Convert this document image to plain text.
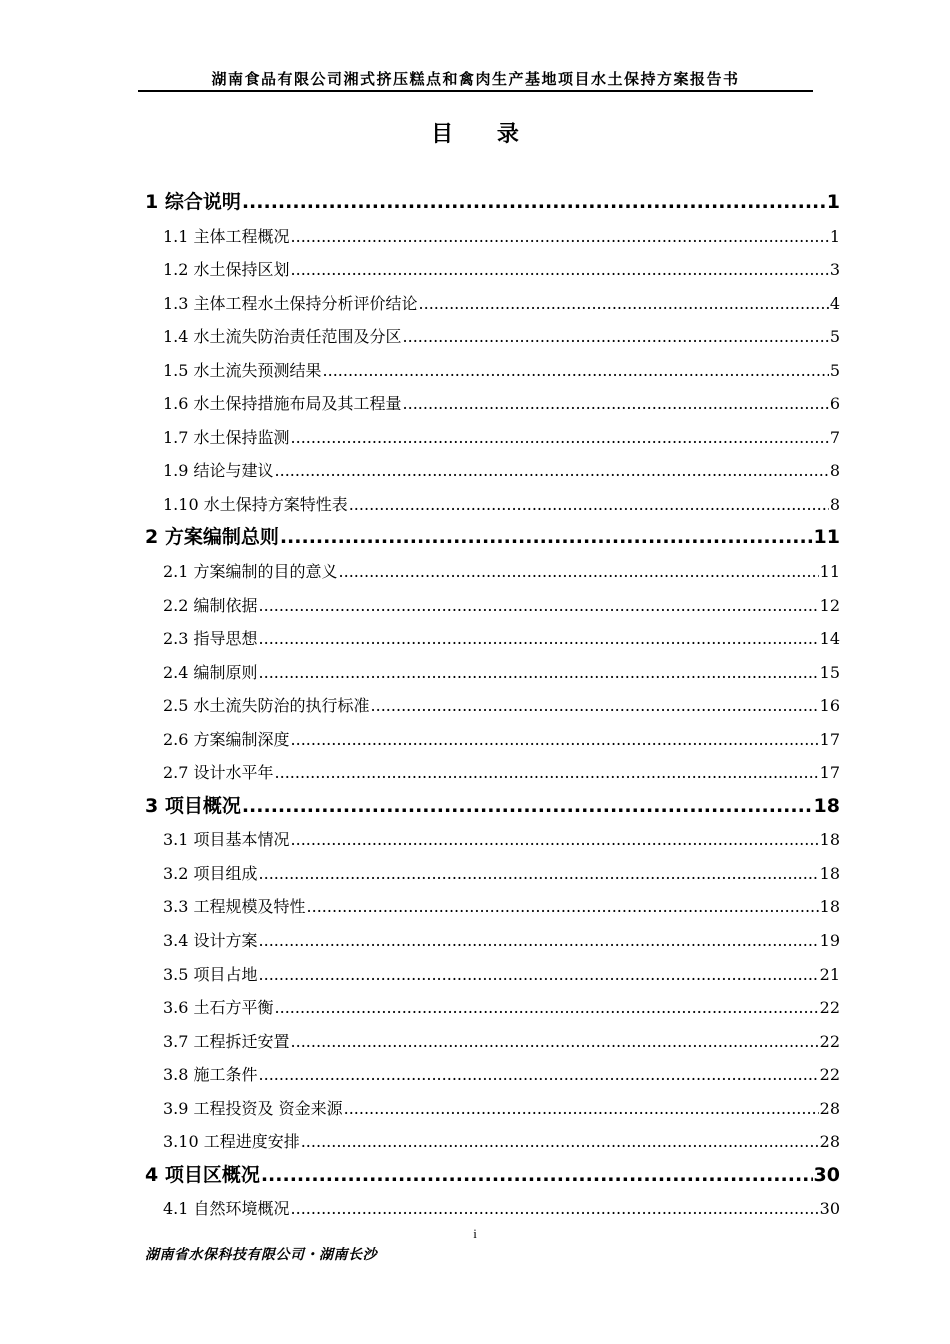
湖南食品有限公司湘式挤压糕点和禽肉生产基地项目水土保持方案报告书
目 录
1 综合说明 .....	1
1.1 主体工程概况 .....	1
1.2 水土保持区划 .....	3
1.3 主体工程水土保持分析评价结论 .....	4
1.4 水土流失防治责任范围及分区 .....	5
1.5 水土流失预测结果 .....	5
1.6 水土保持措施布局及其工程量 .....	6
1.7 水土保持监测 .....	7
1.9 结论与建议 .....	8
1.10 水土保持方案特性表 .....	8
2 方案编制总则 .....	11
2.1 方案编制的目的意义 .....	11
2.2 编制依据 .....	12
2.3 指导思想 .....	14
2.4 编制原则 .....	15
2.5 水土流失防治的执行标准 .....	16
2.6 方案编制深度 .....	17
2.7 设计水平年 .....	17
3 项目概况 .....	18
3.1 项目基本情况 .....	18
3.2 项目组成 .....	18
3.3 工程规模及特性 .....	18
3.4 设计方案 .....	19
3.5 项目占地 .....	21
3.6 土石方平衡 .....	22
3.7 工程拆迁安置 .....	22
3.8 施工条件 .....	22
3.9 工程投资及 资金来源 .....	28
3.10 工程进度安排 .....	28
4 项目区概况 .....	30
4.1 自然环境概况 .....	30
i
湖南省水保科技有限公司・湖南长沙
